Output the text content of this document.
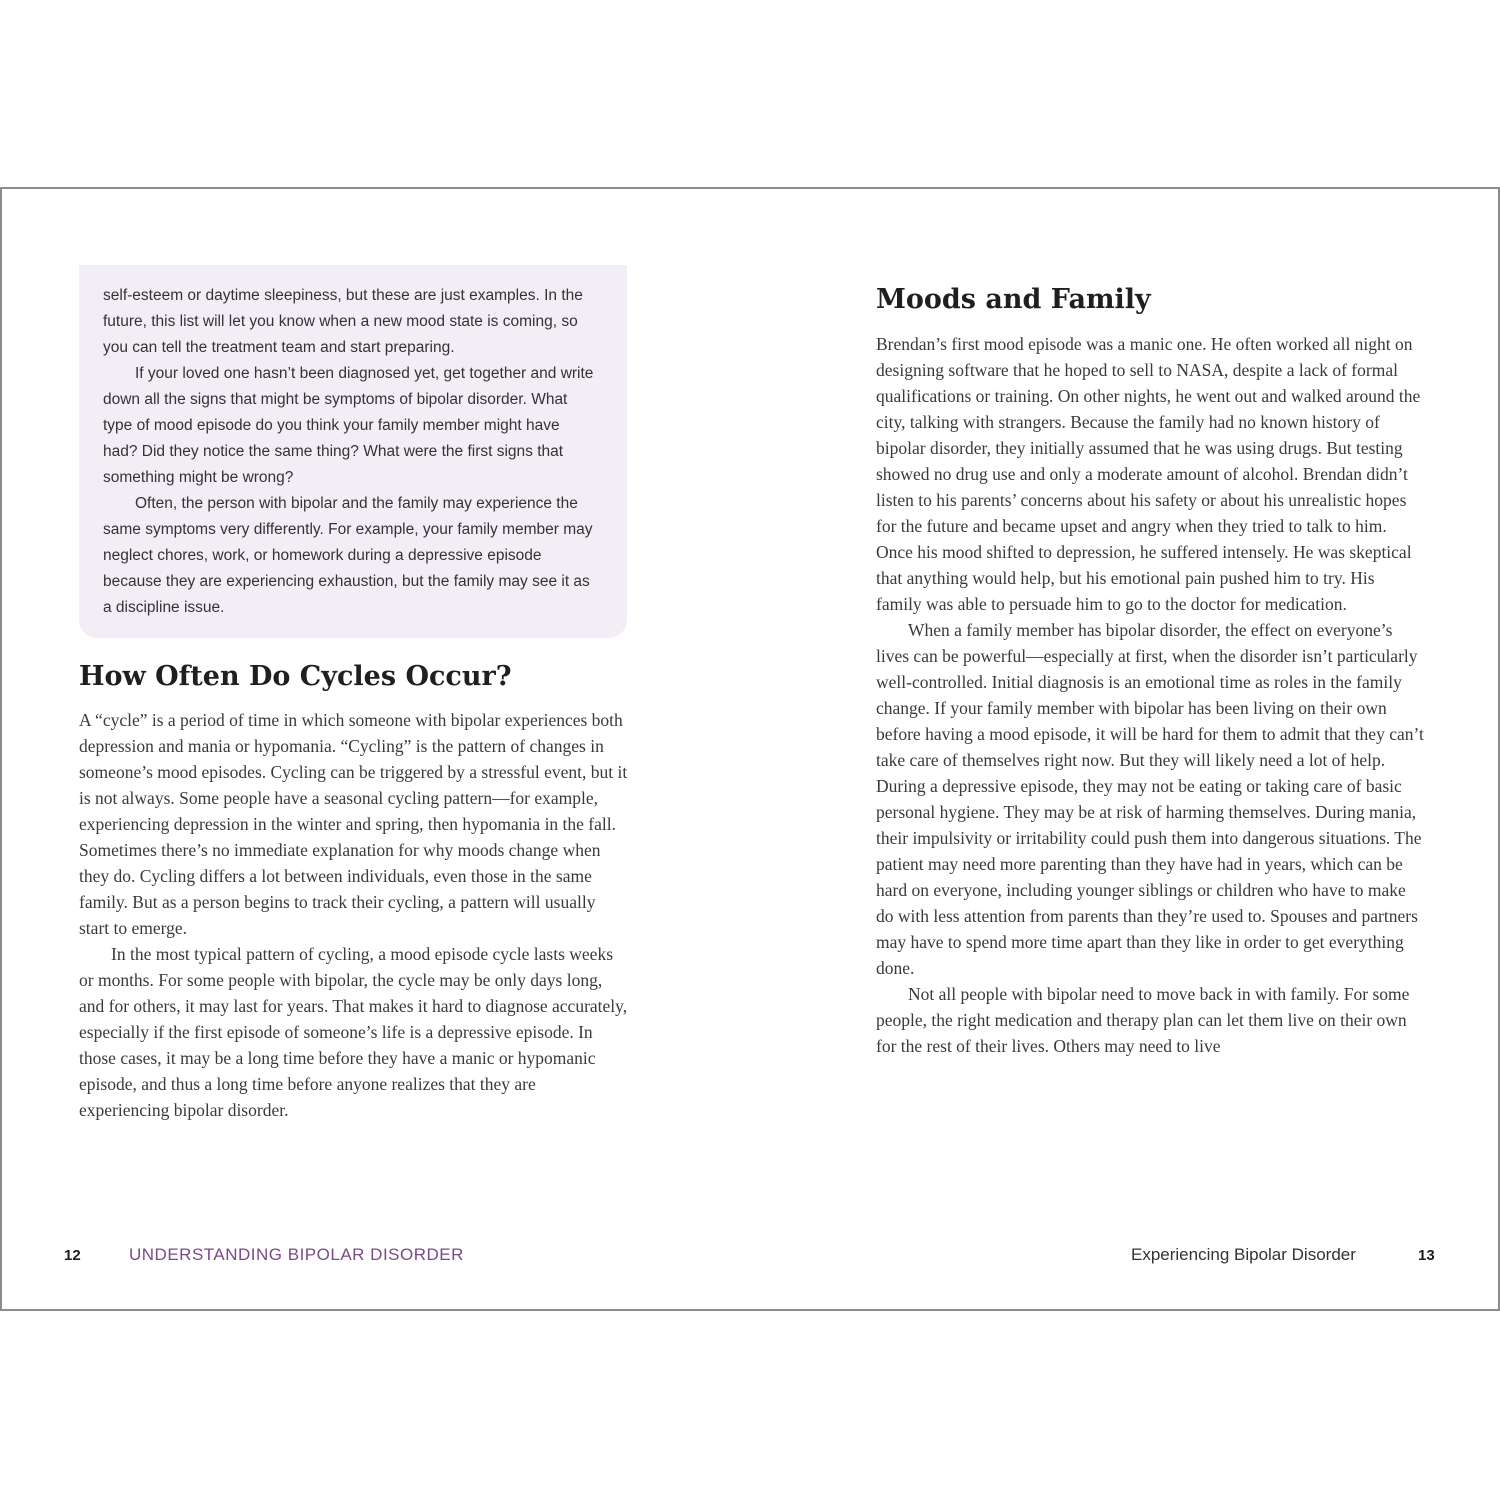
self-esteem or daytime sleepiness, but these are just examples. In the future, this list will let you know when a new mood state is coming, so you can tell the treatment team and start preparing.

If your loved one hasn’t been diagnosed yet, get together and write down all the signs that might be symptoms of bipolar disorder. What type of mood episode do you think your family member might have had? Did they notice the same thing? What were the first signs that something might be wrong?

Often, the person with bipolar and the family may experience the same symptoms very differently. For example, your family member may neglect chores, work, or homework during a depressive episode because they are experiencing exhaustion, but the family may see it as a discipline issue.

How Often Do Cycles Occur?

A “cycle” is a period of time in which someone with bipolar experiences both depression and mania or hypomania. “Cycling” is the pattern of changes in someone’s mood episodes. Cycling can be triggered by a stressful event, but it is not always. Some people have a seasonal cycling pattern—for example, experiencing depression in the winter and spring, then hypomania in the fall. Sometimes there’s no immediate explanation for why moods change when they do. Cycling differs a lot between individuals, even those in the same family. But as a person begins to track their cycling, a pattern will usually start to emerge.

In the most typical pattern of cycling, a mood episode cycle lasts weeks or months. For some people with bipolar, the cycle may be only days long, and for others, it may last for years. That makes it hard to diagnose accurately, especially if the first episode of someone’s life is a depressive episode. In those cases, it may be a long time before they have a manic or hypomanic episode, and thus a long time before anyone realizes that they are experiencing bipolar disorder.

Moods and Family

Brendan’s first mood episode was a manic one. He often worked all night on designing software that he hoped to sell to NASA, despite a lack of formal qualifications or training. On other nights, he went out and walked around the city, talking with strangers. Because the family had no known history of bipolar disorder, they initially assumed that he was using drugs. But testing showed no drug use and only a moderate amount of alcohol. Brendan didn’t listen to his parents’ concerns about his safety or about his unrealistic hopes for the future and became upset and angry when they tried to talk to him. Once his mood shifted to depression, he suffered intensely. He was skeptical that anything would help, but his emotional pain pushed him to try. His family was able to persuade him to go to the doctor for medication.

When a family member has bipolar disorder, the effect on everyone’s lives can be powerful—especially at first, when the disorder isn’t particularly well-controlled. Initial diagnosis is an emotional time as roles in the family change. If your family member with bipolar has been living on their own before having a mood episode, it will be hard for them to admit that they can’t take care of themselves right now. But they will likely need a lot of help. During a depressive episode, they may not be eating or taking care of basic personal hygiene. They may be at risk of harming themselves. During mania, their impulsivity or irritability could push them into dangerous situations. The patient may need more parenting than they have had in years, which can be hard on everyone, including younger siblings or children who have to make do with less attention from parents than they’re used to. Spouses and partners may have to spend more time apart than they like in order to get everything done.

Not all people with bipolar need to move back in with family. For some people, the right medication and therapy plan can let them live on their own for the rest of their lives. Others may need to live

12	UNDERSTANDING BIPOLAR DISORDER	Experiencing Bipolar Disorder	13
